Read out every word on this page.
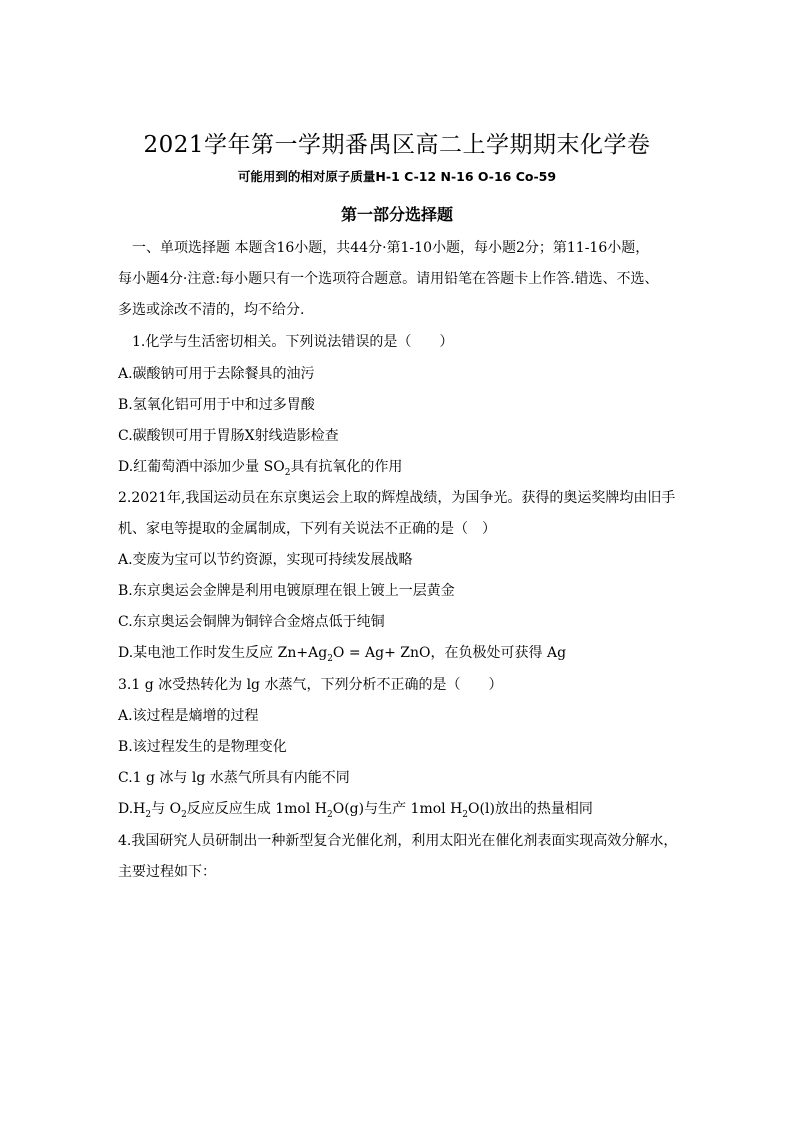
2021学年第一学期番禺区高二上学期期末化学卷
可能用到的相对原子质量H-1 C-12 N-16 O-16 Co-59
第一部分选择题
一、单项选择题 本题含16小题，共44分·第1-10小题，每小题2分；第11-16小题，
每小题4分·注意:每小题只有一个选项符合题意。请用铅笔在答题卡上作答.错选、不选、
多选或涂改不清的，均不给分.
1.化学与生活密切相关。下列说法错误的是（　　）
A.碳酸钠可用于去除餐具的油污
B.氢氧化铝可用于中和过多胃酸
C.碳酸钡可用于胃肠X射线造影检查
D.红葡萄酒中添加少量 $SO_2$具有抗氧化的作用
2.2021年,我国运动员在东京奥运会上取的辉煌战绩，为国争光。获得的奥运奖牌均由旧手
机、家电等提取的金属制成，下列有关说法不正确的是（　）
A.变废为宝可以节约资源，实现可持续发展战略
B.东京奥运会金牌是利用电镀原理在银上镀上一层黄金
C.东京奥运会铜牌为铜锌合金熔点低于纯铜
D.某电池工作时发生反应 $Zn+Ag_2O = Ag+$ ZnO，在负极处可获得 Ag
3.1 g 冰受热转化为 lg 水蒸气，下列分析不正确的是（　　）
A.该过程是熵增的过程
B.该过程发生的是物理变化
C.1 g 冰与 lg 水蒸气所具有内能不同
$D.H_2$与 $O_2$反应反应生成 1mol $H_2O(g)$与生产 1mol $H_2O(l)$放出的热量相同
4.我国研究人员研制出一种新型复合光催化剂，利用太阳光在催化剂表面实现高效分解水，
主要过程如下：
